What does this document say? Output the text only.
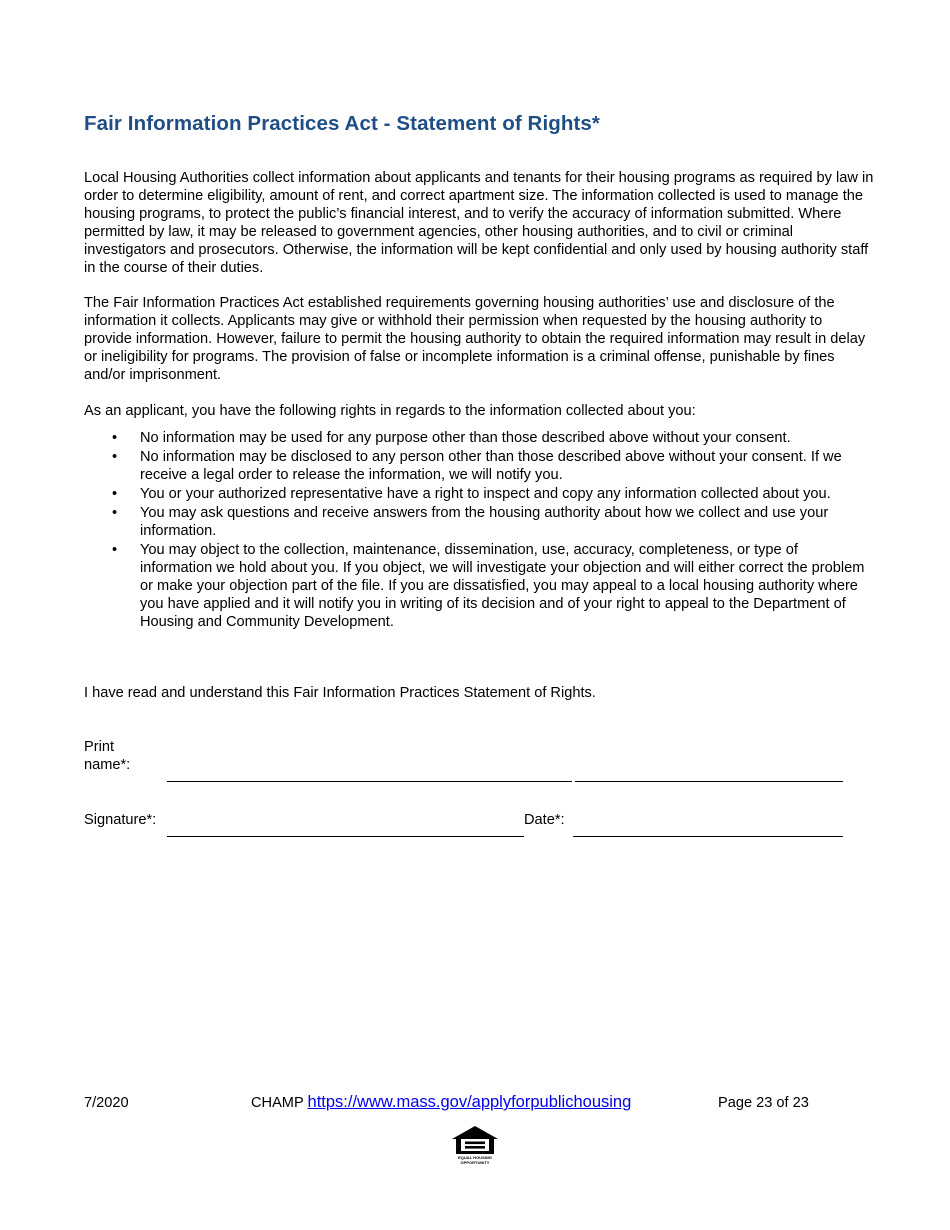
Fair Information Practices Act - Statement of Rights*

Local Housing Authorities collect information about applicants and tenants for their housing programs as required by law in order to determine eligibility, amount of rent, and correct apartment size. The information collected is used to manage the housing programs, to protect the public’s financial interest, and to verify the accuracy of information submitted. Where permitted by law, it may be released to government agencies, other housing authorities, and to civil or criminal investigators and prosecutors. Otherwise, the information will be kept confidential and only used by housing authority staff in the course of their duties.

The Fair Information Practices Act established requirements governing housing authorities’ use and disclosure of the information it collects. Applicants may give or withhold their permission when requested by the housing authority to provide information. However, failure to permit the housing authority to obtain the required information may result in delay or ineligibility for programs. The provision of false or incomplete information is a criminal offense, punishable by fines and/or imprisonment.

As an applicant, you have the following rights in regards to the information collected about you:

• No information may be used for any purpose other than those described above without your consent.
• No information may be disclosed to any person other than those described above without your consent. If we receive a legal order to release the information, we will notify you.
• You or your authorized representative have a right to inspect and copy any information collected about you.
• You may ask questions and receive answers from the housing authority about how we collect and use your information.
• You may object to the collection, maintenance, dissemination, use, accuracy, completeness, or type of information we hold about you. If you object, we will investigate your objection and will either correct the problem or make your objection part of the file. If you are dissatisfied, you may appeal to a local housing authority where you have applied and it will notify you in writing of its decision and of your right to appeal to the Department of Housing and Community Development.

I have read and understand this Fair Information Practices Statement of Rights.

Print name*:

Signature*:	Date*:

7/2020	CHAMP https://www.mass.gov/applyforpublichousing	Page 23 of 23
EQUAL HOUSING
OPPORTUNITY
